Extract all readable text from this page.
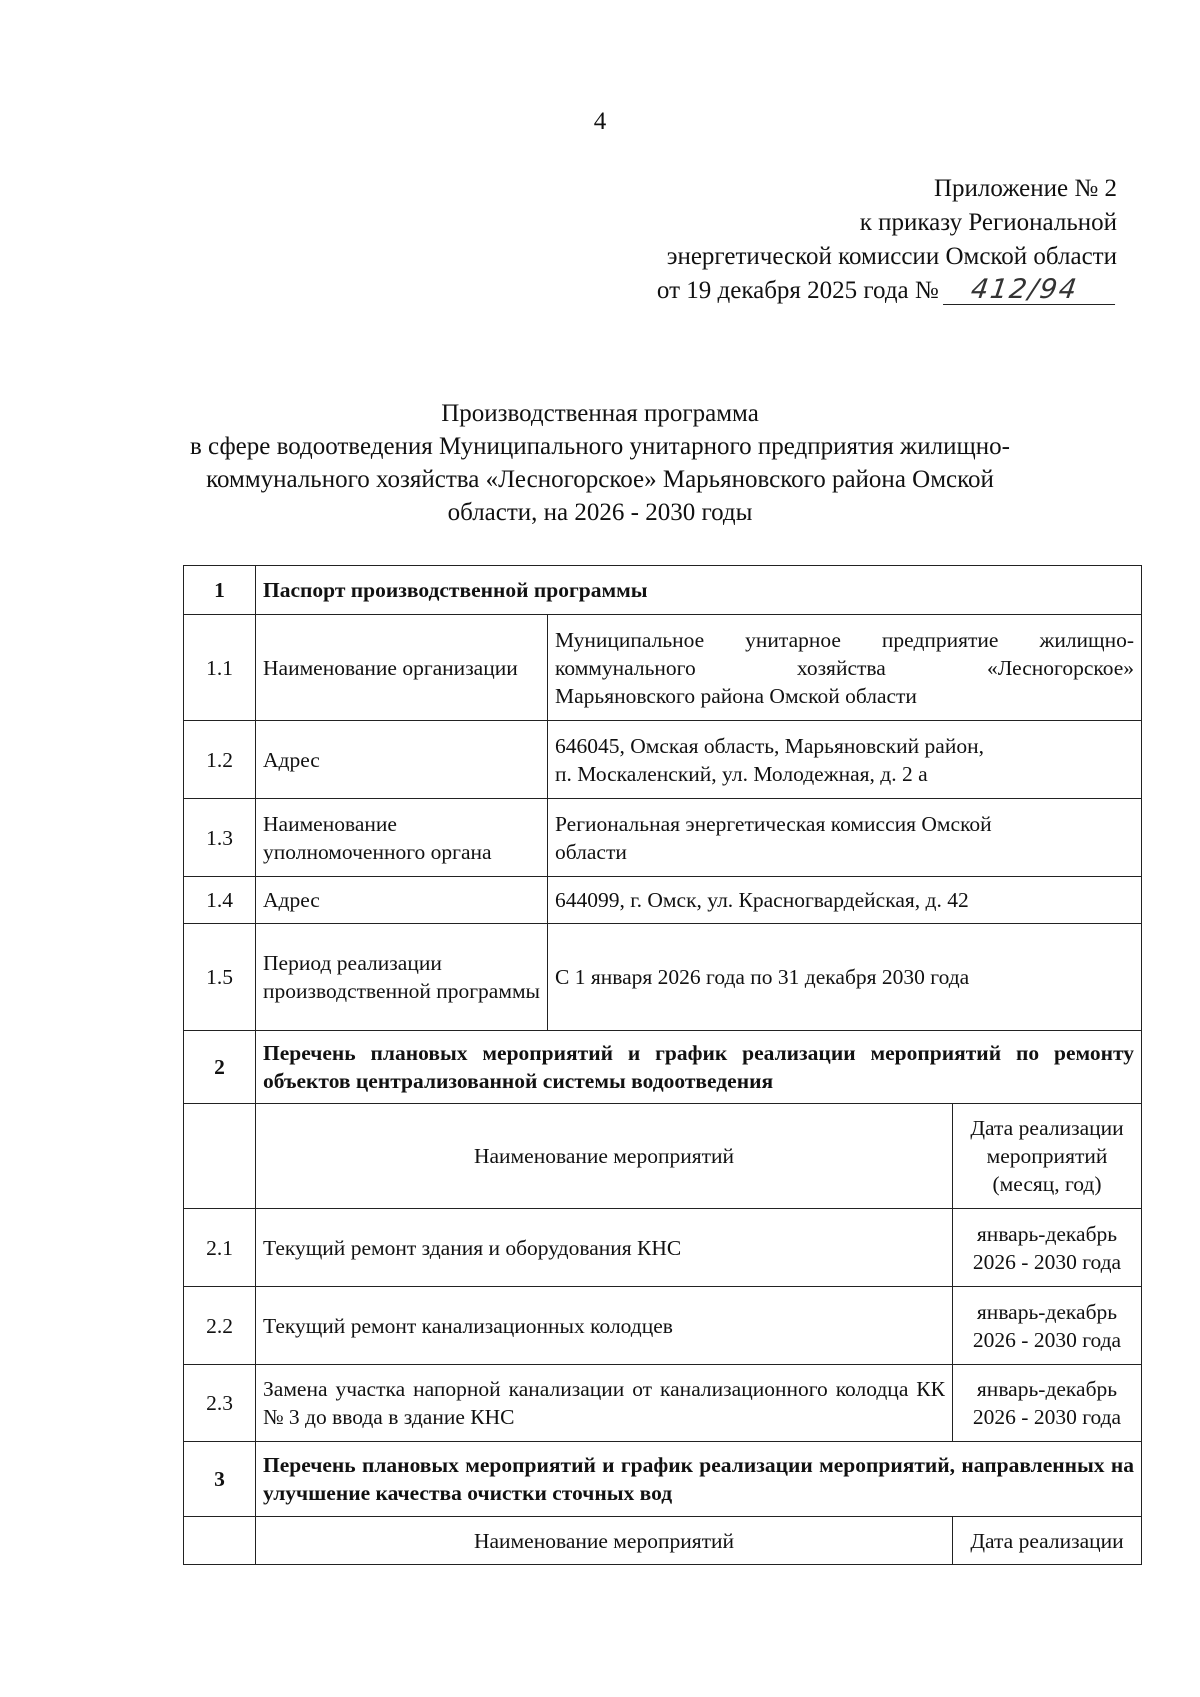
4
Приложение № 2
к приказу Региональной
энергетической комиссии Омской области
от 19 декабря 2025 года № 412/94
Производственная программа
в сфере водоотведения Муниципального унитарного предприятия жилищно-
коммунального хозяйства «Лесногорское» Марьяновского района Омской
области, на 2026 - 2030 годы
1	Паспорт производственной программы		
1.1	Наименование организации	Муниципальное унитарное предприятие жилищно-
коммунального хозяйства «Лесногорское»
Марьяновского района Омской области	

1.2	Адрес	646045, Омская область, Марьяновский район,
п. Москаленский, ул. Молодежная, д. 2 а	

1.3	Наименование уполномоченного органа	Региональная энергетическая комиссия Омской
области	

1.4	Адрес	644099, г. Омск, ул. Красногвардейская, д. 42	

1.5	Период реализации производственной программы	С 1 января 2026 года по 31 декабря 2030 года	

2	Перечень плановых мероприятий и график реализации мероприятий по ремонту объектов централизованной системы водоотведения		
	Наименование мероприятий		Дата реализации мероприятий (месяц, год)
2.1	Текущий ремонт здания и оборудования КНС		январь-декабрь 2026 - 2030 года
2.2	Текущий ремонт канализационных колодцев		январь-декабрь 2026 - 2030 года
2.3	Замена участка напорной канализации от канализационного колодца КК № 3 до ввода в здание КНС		январь-декабрь 2026 - 2030 года
3	Перечень плановых мероприятий и график реализации мероприятий, направленных на улучшение качества очистки сточных вод		
	Наименование мероприятий		Дата реализации
